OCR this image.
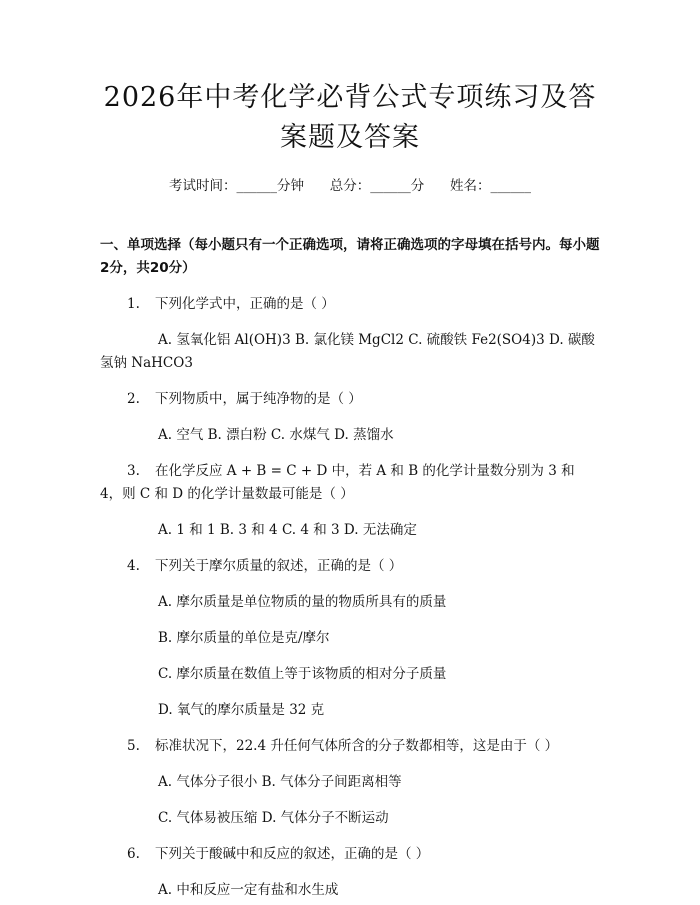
2026年中考化学必背公式专项练习及答案题及答案
考试时间：______分钟      总分：______分      姓名：______
一、单项选择（每小题只有一个正确选项，请将正确选项的字母填在括号内。每小题2分，共20分）
1. 下列化学式中，正确的是（ ）
A. 氢氧化铝 Al(OH)3 B. 氯化镁 MgCl2 C. 硫酸铁 Fe2(SO4)3 D. 碳酸氢钠 NaHCO3
2. 下列物质中，属于纯净物的是（ ）
A. 空气 B. 漂白粉 C. 水煤气 D. 蒸馏水
3. 在化学反应 A + B = C + D 中，若 A 和 B 的化学计量数分别为 3 和 4，则 C 和 D 的化学计量数最可能是（ ）
A. 1 和 1 B. 3 和 4 C. 4 和 3 D. 无法确定
4. 下列关于摩尔质量的叙述，正确的是（ ）
A. 摩尔质量是单位物质的量的物质所具有的质量
B. 摩尔质量的单位是克/摩尔
C. 摩尔质量在数值上等于该物质的相对分子质量
D. 氧气的摩尔质量是 32 克
5. 标准状况下，22.4 升任何气体所含的分子数都相等，这是由于（ ）
A. 气体分子很小 B. 气体分子间距离相等
C. 气体易被压缩 D. 气体分子不断运动
6. 下列关于酸碱中和反应的叙述，正确的是（ ）
A. 中和反应一定有盐和水生成
